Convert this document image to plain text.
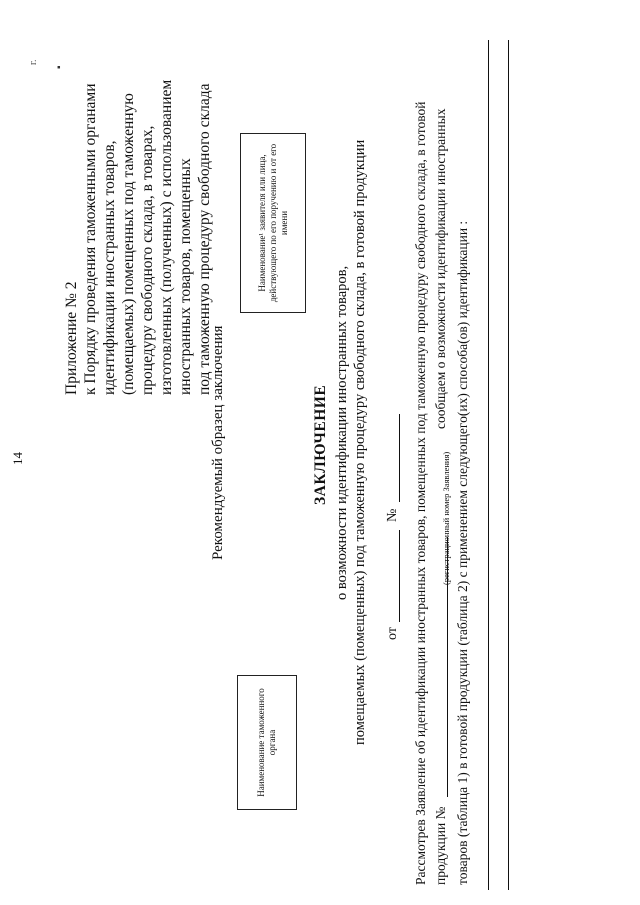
14
г.
▪
Приложение № 2 к Порядку проведения таможенными органами идентификации иностранных товаров, (помещаемых) помещенных под таможенную процедуру свободного склада, в товарах, изготовленных (полученных) с использованием иностранных товаров, помещенных под таможенную процедуру свободного склада
Рекомендуемый образец заключения
Наименование¹ заявителя или лица, действующего по его поручению и от его имени
Наименование таможенного органа
ЗАКЛЮЧЕНИЕ о возможности идентификации иностранных товаров, помещаемых (помещенных) под таможенную процедуру свободного склада, в готовой продукции от
№ Рассмотрев Заявление об идентификации иностранных товаров, помещенных под таможенную процедуру свободного склада, в готовой продукции №
сообщаем о возможности идентификации иностранных
(регистрационный номер Заявления) товаров (таблица 1) в готовой продукции (таблица 2) с применением следующего(их) способа(ов) идентификации :
